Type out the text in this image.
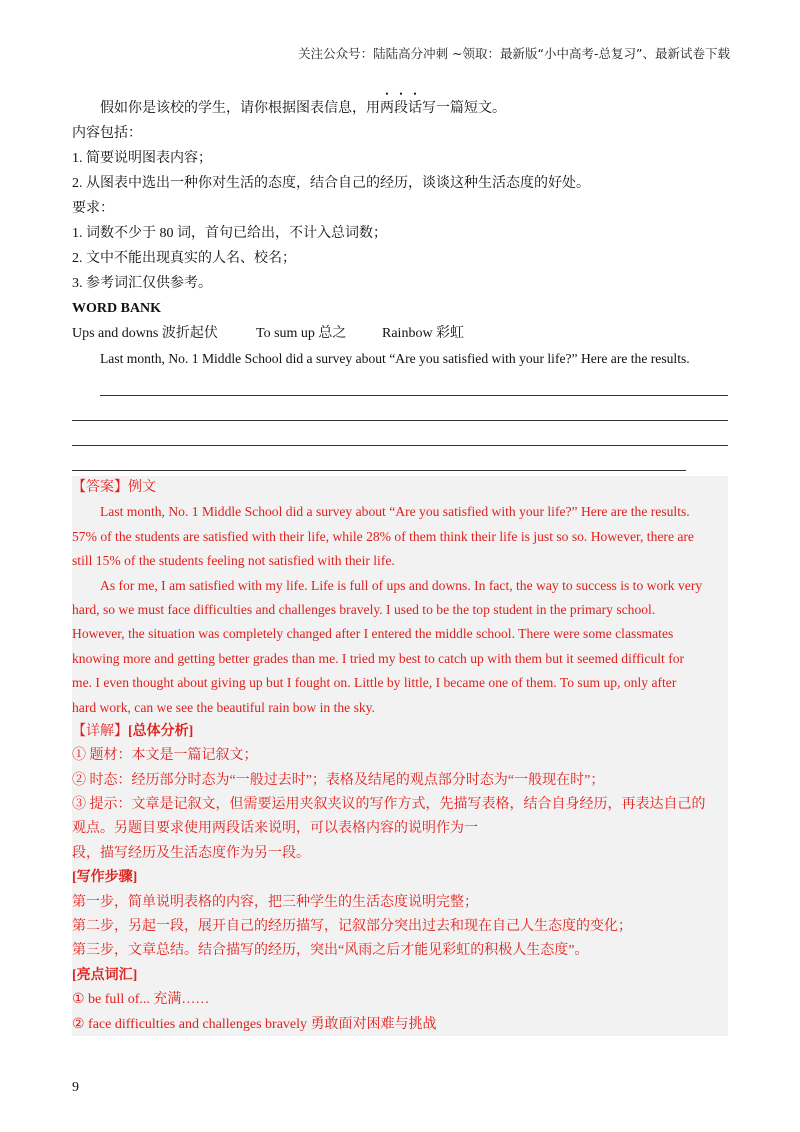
关注公众号：陆陆高分冲刺 ~领取：最新版“小中高考-总复习”、最新试卷下载
假如你是该校的学生，请你根据图表信息，用两段话写一篇短文。
内容包括：
1. 简要说明图表内容；
2. 从图表中选出一种你对生活的态度，结合自己的经历，谈谈这种生活态度的好处。
要求：
1. 词数不少于 80 词，首句已给出，不计入总词数；
2. 文中不能出现真实的人名、校名；
3. 参考词汇仅供参考。
WORD BANK
Ups and downs 波折起伏	To sum up 总之	Rainbow 彩虹
Last month, No. 1 Middle School did a survey about “Are you satisfied with your life?” Here are the results.
【答案】例文
Last month, No. 1 Middle School did a survey about “Are you satisfied with your life?” Here are the results.
57% of the students are satisfied with their life, while 28% of them think their life is just so so. However, there are
still 15% of the students feeling not satisfied with their life.
As for me, I am satisfied with my life. Life is full of ups and downs. In fact, the way to success is to work very
hard, so we must face difficulties and challenges bravely. I used to be the top student in the primary school.
However, the situation was completely changed after I entered the middle school. There were some classmates
knowing more and getting better grades than me. I tried my best to catch up with them but it seemed difficult for
me. I even thought about giving up but I fought on. Little by little, I became one of them. To sum up, only after
hard work, can we see the beautiful rain bow in the sky.
【详解】[总体分析]
① 题材：本文是一篇记叙文；
② 时态：经历部分时态为“一般过去时”；表格及结尾的观点部分时态为“一般现在时”；
③ 提示：文章是记叙文，但需要运用夹叙夹议的写作方式，先描写表格，结合自身经历，再表达自己的
观点。另题目要求使用两段话来说明，可以表格内容的说明作为一
段，描写经历及生活态度作为另一段。
[写作步骤]
第一步，简单说明表格的内容，把三种学生的生活态度说明完整；
第二步，另起一段，展开自己的经历描写，记叙部分突出过去和现在自己人生态度的变化；
第三步，文章总结。结合描写的经历，突出“风雨之后才能见彩虹的积极人生态度”。
[亮点词汇]
① be full of... 充满……
② face difficulties and challenges bravely 勇敢面对困难与挑战
9
